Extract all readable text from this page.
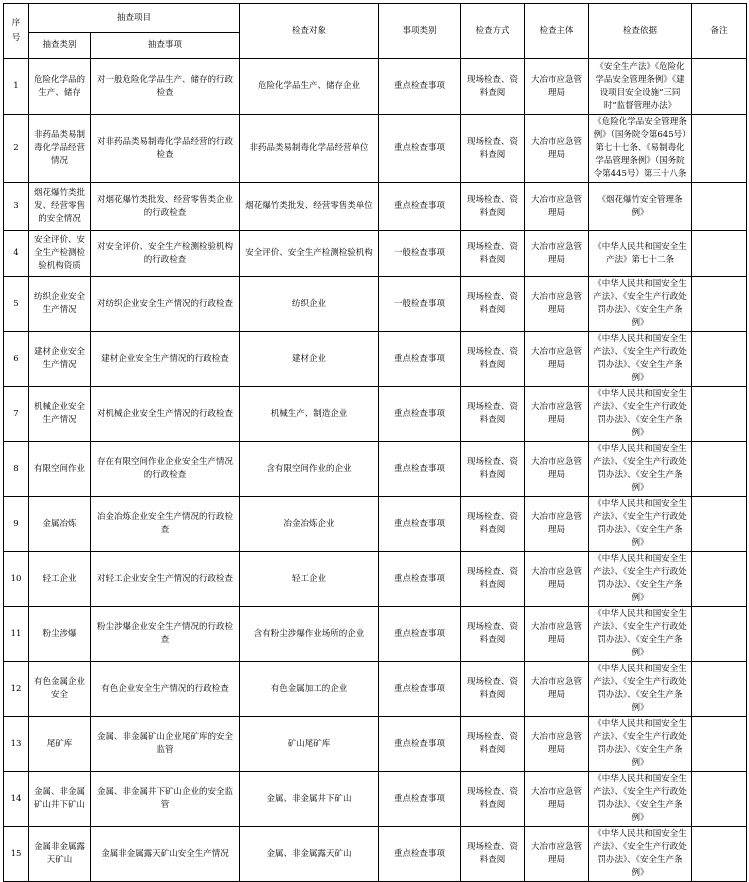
序
号	抽查项目		检查对象	事项类别	检查方式	检查主体	检查依据	备注
	抽查类别	抽查事项						
1	危险化学品的生产、储存	对一般危险化学品生产、储存的行政检查	危险化学品生产、储存企业	重点检查事项	现场检查、资料查阅	大冶市应急管理局	《安全生产法》《危险化学品安全管理条例》《建设项目安全设施“三同时”监督管理办法》	
2	非药品类易制毒化学品经营情况	对非药品类易制毒化学品经营的行政检查	非药品类易制毒化学品经营单位	重点检查事项	现场检查、资料查阅	大冶市应急管理局	《危险化学品安全管理条例》（国务院令第645号）第七十七条、《易制毒化学品管理条例》（国务院令第445号）第三十八条	
3	烟花爆竹类批发、经营零售的安全情况	对烟花爆竹类批发、经营零售类企业的行政检查	烟花爆竹类批发、经营零售类单位	重点检查事项	现场检查、资料查阅	大冶市应急管理局	《烟花爆竹安全管理条例》	
4	安全评价、安全生产检测检验机构资质	对安全评价、安全生产检测检验机构的行政检查	安全评价、安全生产检测检验机构	一般检查事项	现场检查、资料查阅	大冶市应急管理局	《中华人民共和国安全生产法》第七十二条	
5	纺织企业安全生产情况	对纺织企业安全生产情况的行政检查	纺织企业	一般检查事项	现场检查、资料查阅	大冶市应急管理局	《中华人民共和国安全生产法》、《安全生产行政处罚办法》、《安全生产条例》	
6	建材企业安全生产情况	建材企业安全生产情况的行政检查	建材企业	重点检查事项	现场检查、资料查阅	大冶市应急管理局	《中华人民共和国安全生产法》、《安全生产行政处罚办法》、《安全生产条例》	
7	机械企业安全生产情况	对机械企业安全生产情况的行政检查	机械生产、制造企业	重点检查事项	现场检查、资料查阅	大冶市应急管理局	《中华人民共和国安全生产法》、《安全生产行政处罚办法》、《安全生产条例》	
8	有限空间作业	存在有限空间作业企业安全生产情况的行政检查	含有限空间作业的企业	重点检查事项	现场检查、资料查阅	大冶市应急管理局	《中华人民共和国安全生产法》、《安全生产行政处罚办法》、《安全生产条例》	
9	金属冶炼	冶金冶炼企业安全生产情况的行政检查	冶金冶炼企业	重点检查事项	现场检查、资料查阅	大冶市应急管理局	《中华人民共和国安全生产法》、《安全生产行政处罚办法》、《安全生产条例》	
10	轻工企业	对轻工企业安全生产情况的行政检查	轻工企业	重点检查事项	现场检查、资料查阅	大冶市应急管理局	《中华人民共和国安全生产法》、《安全生产行政处罚办法》、《安全生产条例》	
11	粉尘涉爆	粉尘涉爆企业安全生产情况的行政检查	含有粉尘涉爆作业场所的企业	重点检查事项	现场检查、资料查阅	大冶市应急管理局	《中华人民共和国安全生产法》、《安全生产行政处罚办法》、《安全生产条例》	
12	有色金属企业安全	有色企业安全生产情况的行政检查	有色金属加工的企业	重点检查事项	现场检查、资料查阅	大冶市应急管理局	《中华人民共和国安全生产法》、《安全生产行政处罚办法》、《安全生产条例》	
13	尾矿库	金属、非金属矿山企业尾矿库的安全监管	矿山尾矿库	重点检查事项	现场检查、资料查阅	大冶市应急管理局	《中华人民共和国安全生产法》、《安全生产行政处罚办法》、《安全生产条例》	
14	金属、非金属矿山井下矿山	金属、非金属井下矿山企业的安全监管	金属、非金属井下矿山	重点检查事项	现场检查、资料查阅	大冶市应急管理局	《中华人民共和国安全生产法》、《安全生产行政处罚办法》、《安全生产条例》	
15	金属非金属露天矿山	金属非金属露天矿山安全生产情况	金属、非金属露天矿山	重点检查事项	现场检查、资料查阅	大冶市应急管理局	《中华人民共和国安全生产法》、《安全生产行政处罚办法》、《安全生产条例》	
